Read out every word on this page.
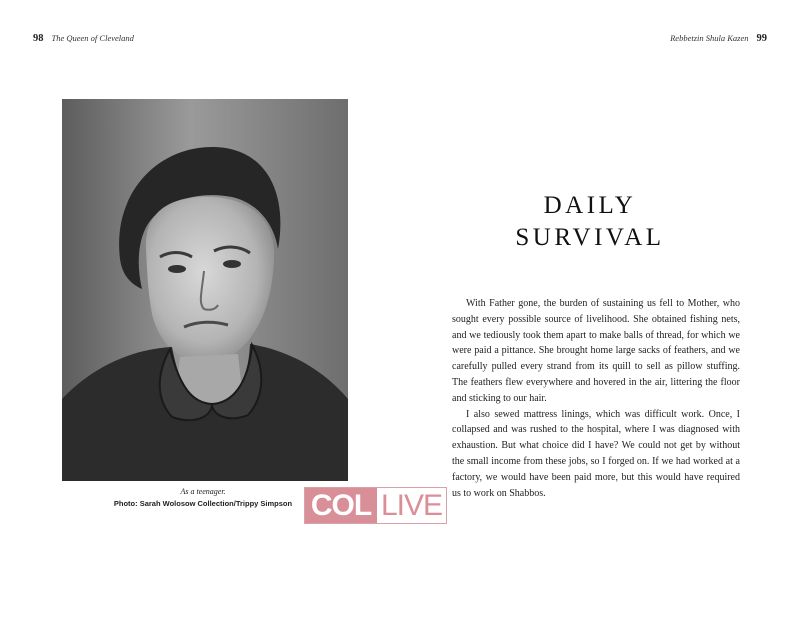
98 The Queen of Cleveland	Rebbetzin Shula Kazen 99
As a teenager.
Photo: Sarah Wolosow Collection/Trippy Simpson COL LIVE
DAILY
SURVIVAL

With Father gone, the burden of sustaining us fell to Mother, who sought every possible source of livelihood. She obtained fishing nets, and we tediously took them apart to make balls of thread, for which we were paid a pittance. She brought home large sacks of feathers, and we carefully pulled every strand from its quill to sell as pillow stuffing. The feathers flew everywhere and hovered in the air, littering the floor and sticking to our hair.

I also sewed mattress linings, which was difficult work. Once, I collapsed and was rushed to the hospital, where I was diagnosed with exhaustion. But what choice did I have? We could not get by without the small income from these jobs, so I forged on. If we had worked at a factory, we would have been paid more, but this would have required us to work on Shabbos.
